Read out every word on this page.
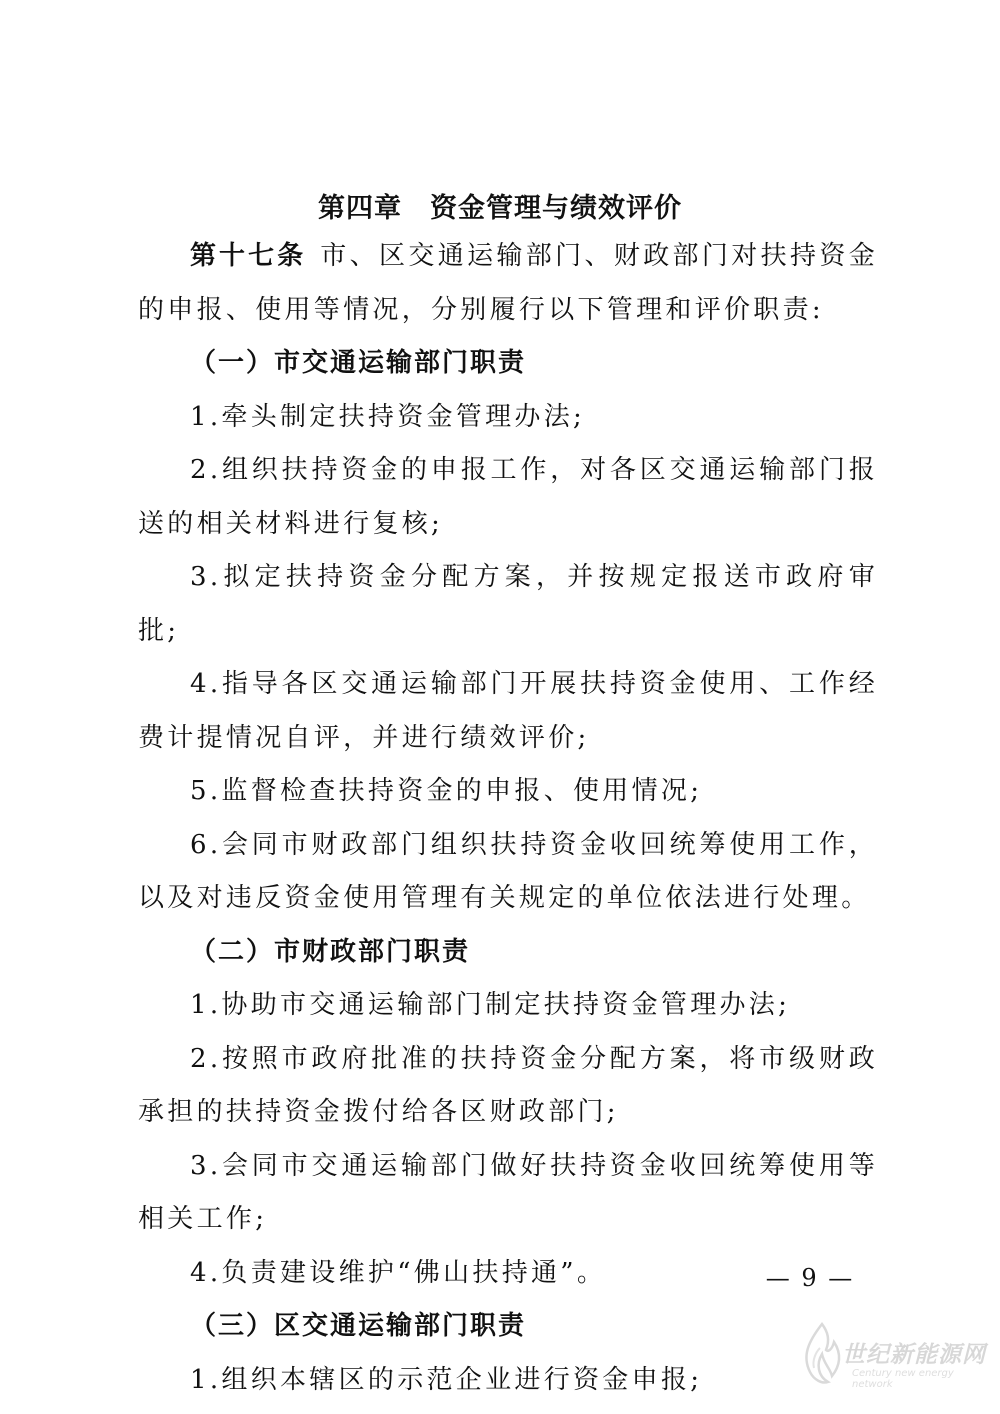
第四章 资金管理与绩效评价

第十七条 市、区交通运输部门、财政部门对扶持资金的申报、使用等情况，分别履行以下管理和评价职责:

（一）市交通运输部门职责

1.牵头制定扶持资金管理办法;

2.组织扶持资金的申报工作，对各区交通运输部门报送的相关材料进行复核;

3.拟定扶持资金分配方案，并按规定报送市政府审批;

4.指导各区交通运输部门开展扶持资金使用、工作经费计提情况自评，并进行绩效评价;

5.监督检查扶持资金的申报、使用情况;

6.会同市财政部门组织扶持资金收回统筹使用工作，以及对违反资金使用管理有关规定的单位依法进行处理。

（二）市财政部门职责

1.协助市交通运输部门制定扶持资金管理办法;

2.按照市政府批准的扶持资金分配方案，将市级财政承担的扶持资金拨付给各区财政部门;

3.会同市交通运输部门做好扶持资金收回统筹使用等相关工作;

4.负责建设维护“佛山扶持通”。

（三）区交通运输部门职责

1.组织本辖区的示范企业进行资金申报;

— 9 —
世纪新能源网
Century new energy network
